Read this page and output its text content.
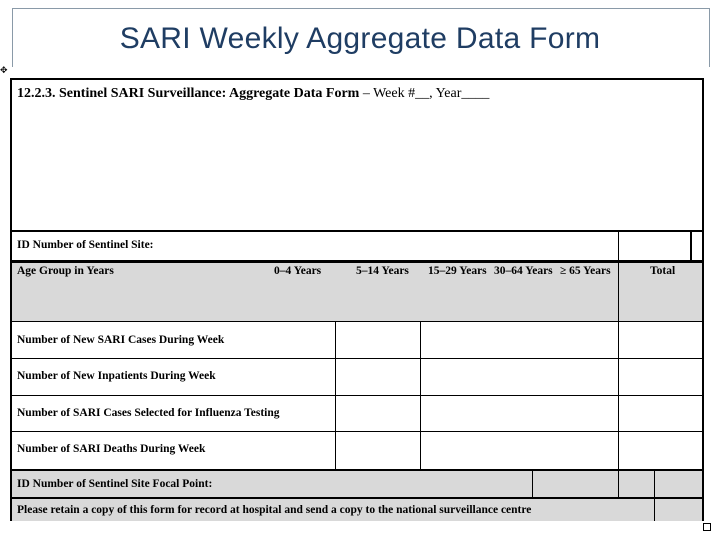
SARI Weekly Aggregate Data Form
✥
12.2.3. Sentinel SARI Surveillance: Aggregate Data Form – Week #__, Year____
ID Number of Sentinel Site:
Age Group in Years	0–4 Years	5–14 Years 15–29 Years 30–64 Years ≥ 65 Years	Total
Number of New SARI Cases During Week
Number of New Inpatients During Week
Number of SARI Cases Selected for Influenza Testing
Number of SARI Deaths During Week
ID Number of Sentinel Site Focal Point:
Please retain a copy of this form for record at hospital and send a copy to the national surveillance centre
